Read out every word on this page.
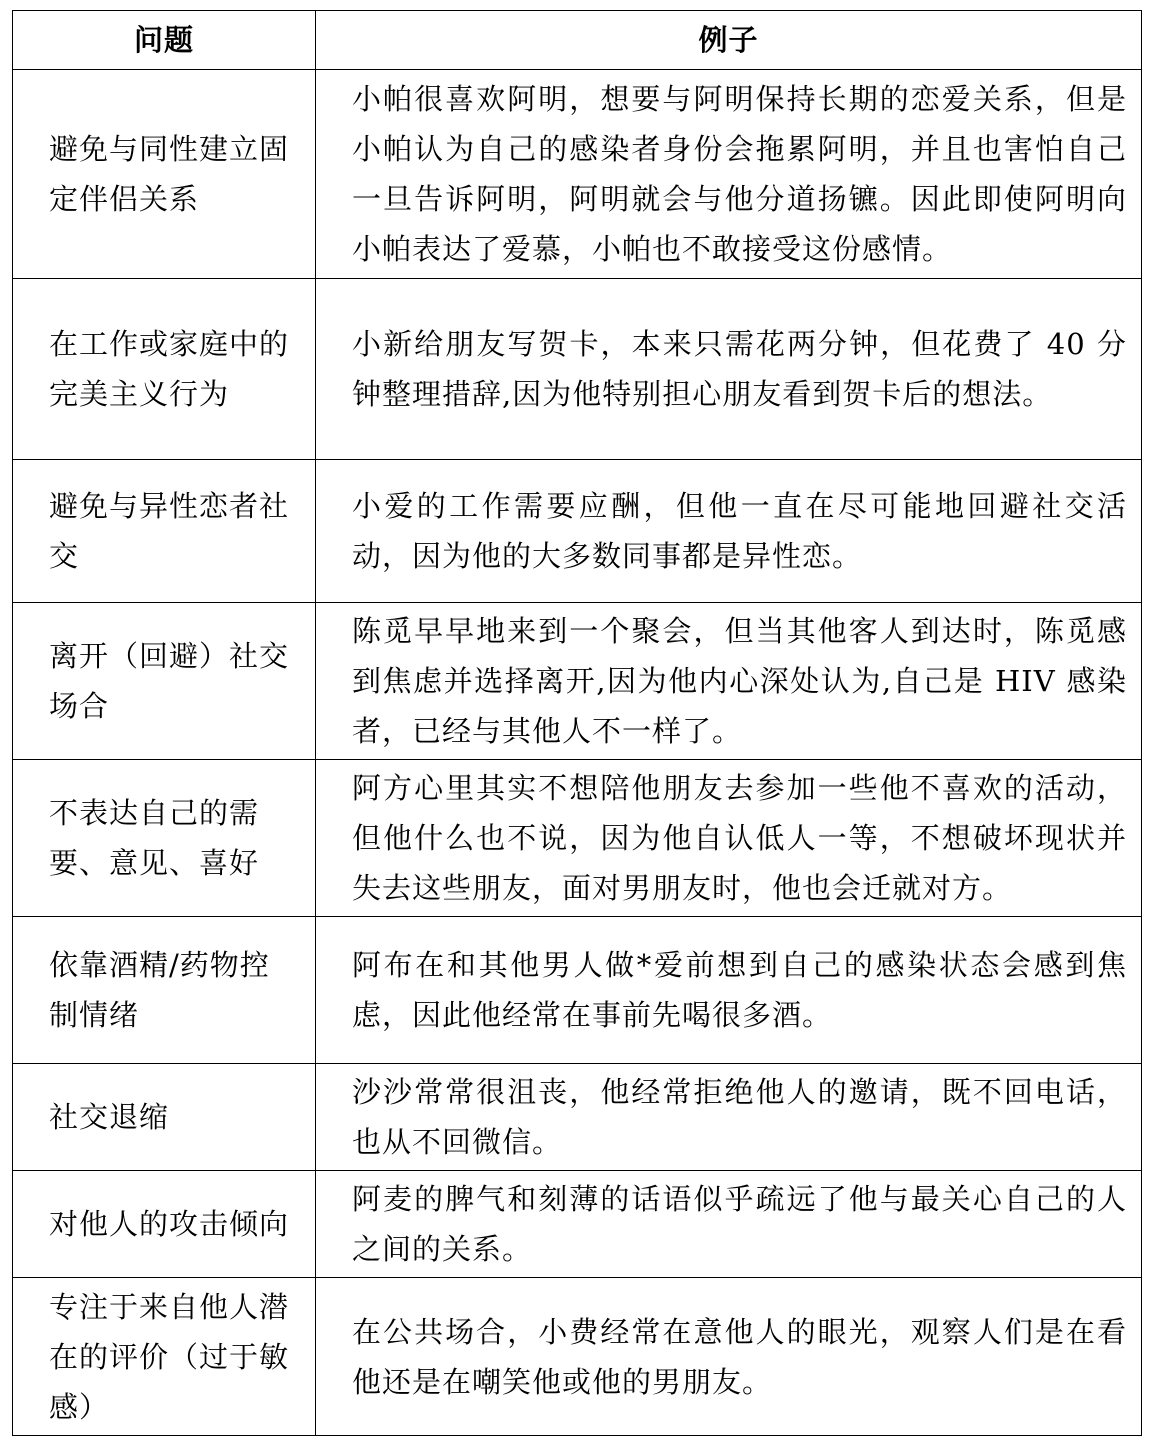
问题	例子
避免与同性建立固定伴侣关系	小帕很喜欢阿明，想要与阿明保持长期的恋爱关系，但是小帕认为自己的感染者身份会拖累阿明，并且也害怕自己一旦告诉阿明，阿明就会与他分道扬镳。因此即使阿明向小帕表达了爱慕，小帕也不敢接受这份感情。
在工作或家庭中的完美主义行为	小新给朋友写贺卡，本来只需花两分钟，但花费了 40 分钟整理措辞,因为他特别担心朋友看到贺卡后的想法。
避免与异性恋者社交	小爱的工作需要应酬，但他一直在尽可能地回避社交活动，因为他的大多数同事都是异性恋。
离开（回避）社交场合	陈觅早早地来到一个聚会，但当其他客人到达时，陈觅感到焦虑并选择离开,因为他内心深处认为,自己是 HIV 感染者，已经与其他人不一样了。
不表达自己的需要、意见、喜好	阿方心里其实不想陪他朋友去参加一些他不喜欢的活动，但他什么也不说，因为他自认低人一等，不想破坏现状并失去这些朋友，面对男朋友时，他也会迁就对方。
依靠酒精/药物控制情绪	阿布在和其他男人做*爱前想到自己的感染状态会感到焦虑，因此他经常在事前先喝很多酒。
社交退缩	沙沙常常很沮丧，他经常拒绝他人的邀请，既不回电话，也从不回微信。
对他人的攻击倾向	阿麦的脾气和刻薄的话语似乎疏远了他与最关心自己的人之间的关系。
专注于来自他人潜在的评价（过于敏感）	在公共场合，小费经常在意他人的眼光，观察人们是在看他还是在嘲笑他或他的男朋友。
